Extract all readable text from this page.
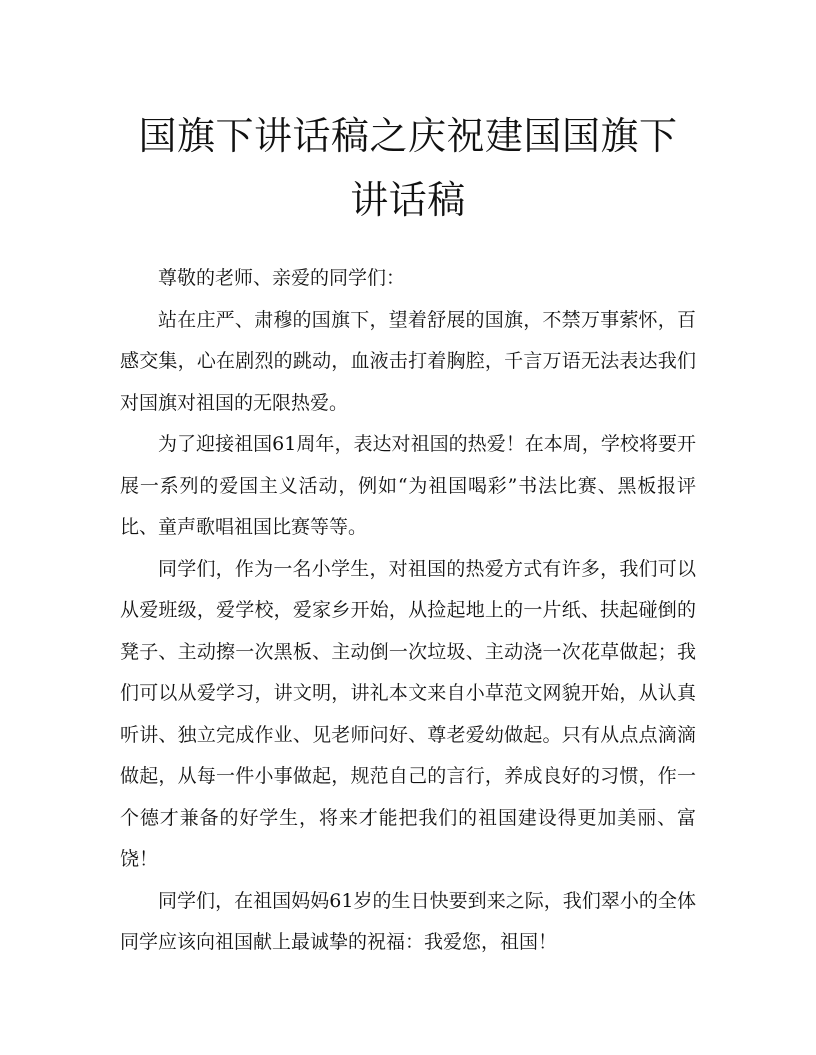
国旗下讲话稿之庆祝建国国旗下讲话稿

尊敬的老师、亲爱的同学们：

站在庄严、肃穆的国旗下，望着舒展的国旗，不禁万事萦怀，百感交集，心在剧烈的跳动，血液击打着胸腔，千言万语无法表达我们对国旗对祖国的无限热爱。

为了迎接祖国61周年，表达对祖国的热爱！在本周，学校将要开展一系列的爱国主义活动，例如“为祖国喝彩”书法比赛、黑板报评比、童声歌唱祖国比赛等等。

同学们，作为一名小学生，对祖国的热爱方式有许多，我们可以从爱班级，爱学校，爱家乡开始，从捡起地上的一片纸、扶起碰倒的凳子、主动擦一次黑板、主动倒一次垃圾、主动浇一次花草做起；我们可以从爱学习，讲文明，讲礼本文来自小草范文网貌开始，从认真听讲、独立完成作业、见老师问好、尊老爱幼做起。只有从点点滴滴做起，从每一件小事做起，规范自己的言行，养成良好的习惯，作一个德才兼备的好学生，将来才能把我们的祖国建设得更加美丽、富饶！

同学们，在祖国妈妈61岁的生日快要到来之际，我们翠小的全体同学应该向祖国献上最诚挚的祝福：我爱您，祖国！
